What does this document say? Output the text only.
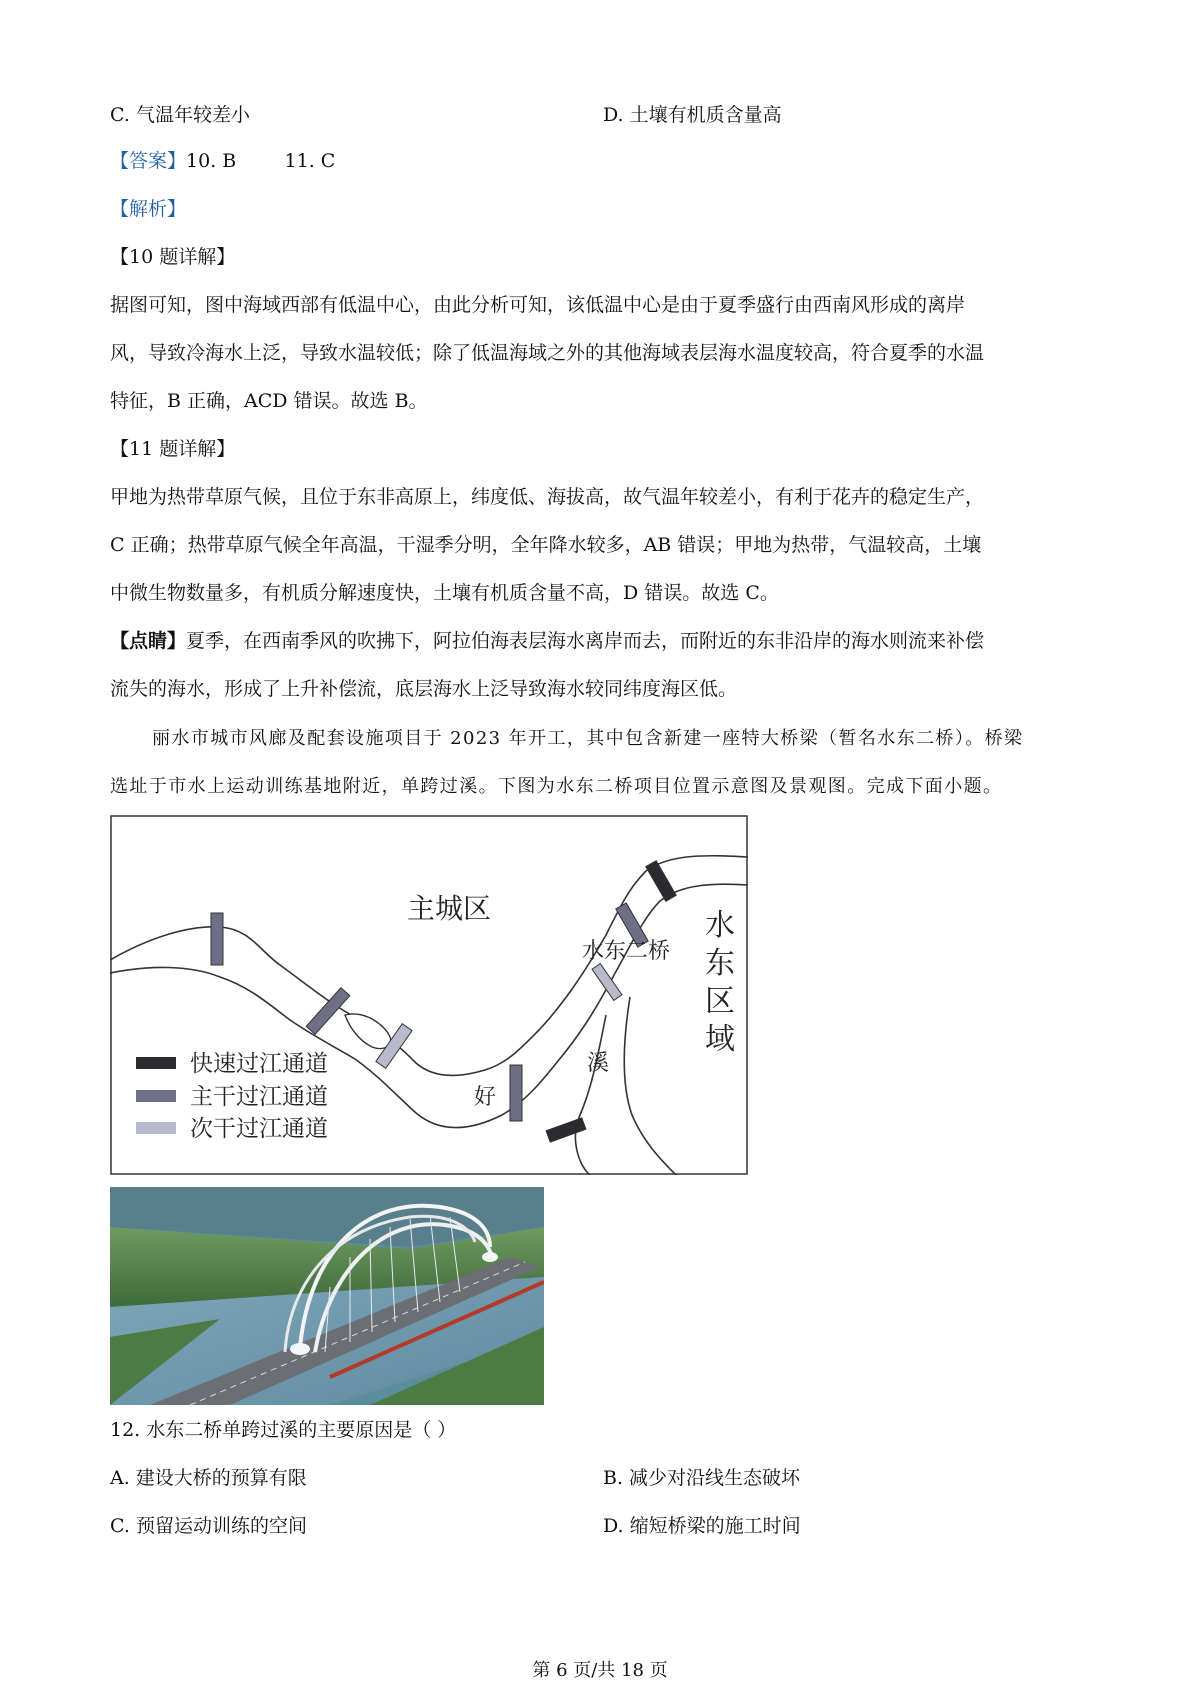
C. 气温年较差小	D. 土壤有机质含量高
【答案】10. B        11. C
【解析】
【10 题详解】
据图可知，图中海域西部有低温中心，由此分析可知，该低温中心是由于夏季盛行由西南风形成的离岸
风，导致冷海水上泛，导致水温较低；除了低温海域之外的其他海域表层海水温度较高，符合夏季的水温
特征，B 正确，ACD 错误。故选 B。
【11 题详解】
甲地为热带草原气候，且位于东非高原上，纬度低、海拔高，故气温年较差小，有利于花卉的稳定生产，
C 正确；热带草原气候全年高温，干湿季分明，全年降水较多，AB 错误；甲地为热带，气温较高，土壤
中微生物数量多，有机质分解速度快，土壤有机质含量不高，D 错误。故选 C。
【点睛】夏季，在西南季风的吹拂下，阿拉伯海表层海水离岸而去，而附近的东非沿岸的海水则流来补偿
流失的海水，形成了上升补偿流，底层海水上泛导致海水较同纬度海区低。
丽水市城市风廊及配套设施项目于 2023 年开工，其中包含新建一座特大桥梁（暂名水东二桥）。桥梁
选址于市水上运动训练基地附近，单跨过溪。下图为水东二桥项目位置示意图及景观图。完成下面小题。
主城区
水东二桥
水
东
区
域
好
溪
快速过江通道
主干过江通道
次干过江通道
12. 水东二桥单跨过溪的主要原因是（ ）
A. 建设大桥的预算有限	B. 减少对沿线生态破坏
C. 预留运动训练的空间	D. 缩短桥梁的施工时间
第 6 页/共 18 页
